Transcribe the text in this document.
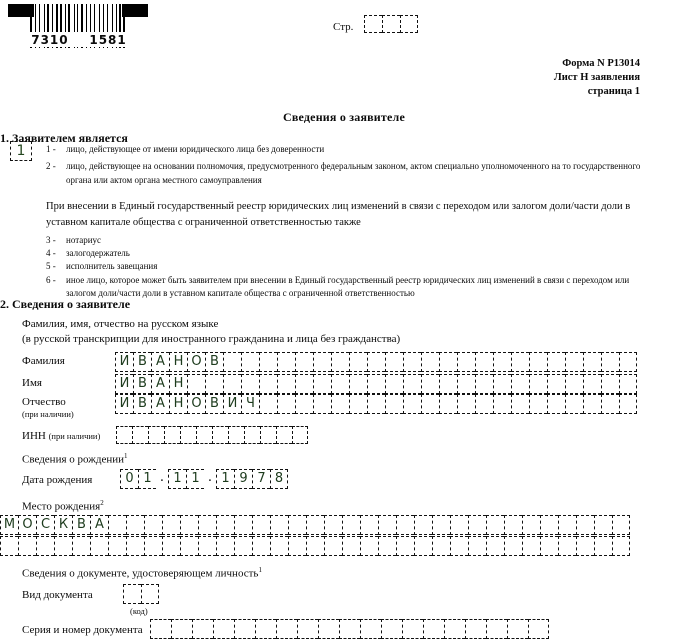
7310 1581
Стр.
Форма N Р13014
Лист Н заявления
страница 1
Сведения о заявителе
1. Заявителем является
1	1 - лицо, действующее от имени юридического лица без доверенности
2 - лицо, действующее на основании полномочия, предусмотренного федеральным законом, актом специально уполномоченного на то государственного
органа или актом органа местного самоуправления
При внесении в Единый государственный реестр юридических лиц изменений в связи с переходом или залогом доли/части доли в
уставном капитале общества с ограниченной ответственностью также
3 - нотариус
4 - залогодержатель
5 - исполнитель завещания
6 - иное лицо, которое может быть заявителем при внесении в Единый государственный реестр юридических лиц изменений в связи с переходом или
залогом доли/части доли в уставном капитале общества с ограниченной ответственностью
2. Сведения о заявителе
Фамилия, имя, отчество на русском языке
(в русской транскрипции для иностранного гражданина и лица без гражданства)
Фамилия	И В А Н О В
Имя	И В А Н
Отчество
(при наличии)
И В А Н О В И Ч
ИНН (при наличии)
Сведения о рождении$^1$
Дата рождения	0 1 . 1 1 . 1 9 7 8
Место рождения$^2$
М О С К В А
Сведения о документе, удостоверяющем личность$^1$
Вид документа
(код)
Серия и номер документа
